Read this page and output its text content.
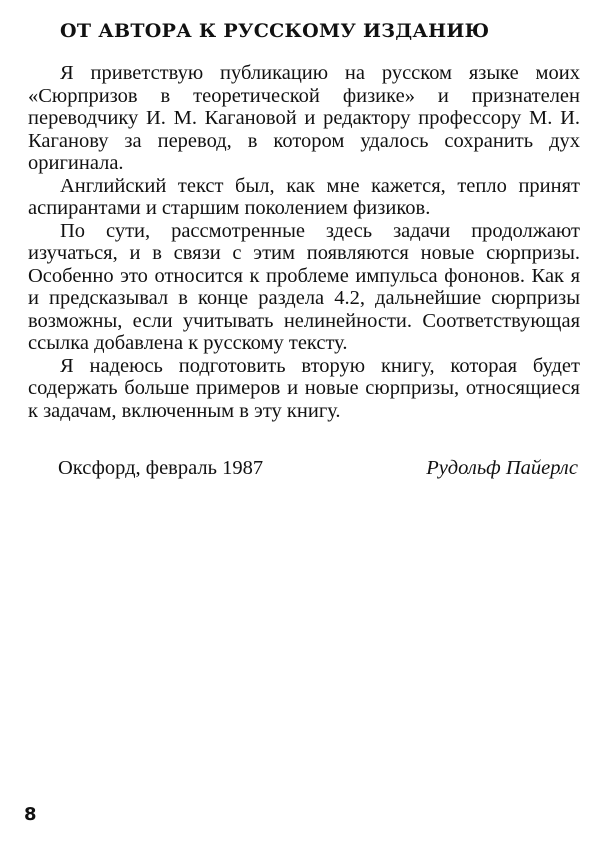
ОТ АВТОРА К РУССКОМУ ИЗДАНИЮ

Я приветствую публикацию на русском языке моих «Сюрпризов в теоретической физике» и признателен переводчику И. М. Кагановой и редактору профессору М. И. Каганову за перевод, в котором удалось сохранить дух оригинала.

Английский текст был, как мне кажется, тепло принят аспирантами и старшим поколением физиков.

По сути, рассмотренные здесь задачи продолжают изучаться, и в связи с этим появляются новые сюрпризы. Особенно это относится к проблеме импульса фононов. Как я и предсказывал в конце раздела 4.2, дальнейшие сюрпризы возможны, если учитывать нелинейности. Соответствующая ссылка добавлена к русскому тексту.

Я надеюсь подготовить вторую книгу, которая будет содержать больше примеров и новые сюрпризы, относящиеся к задачам, включенным в эту книгу.

Оксфорд, февраль 1987	Рудольф Пайерлс
8
